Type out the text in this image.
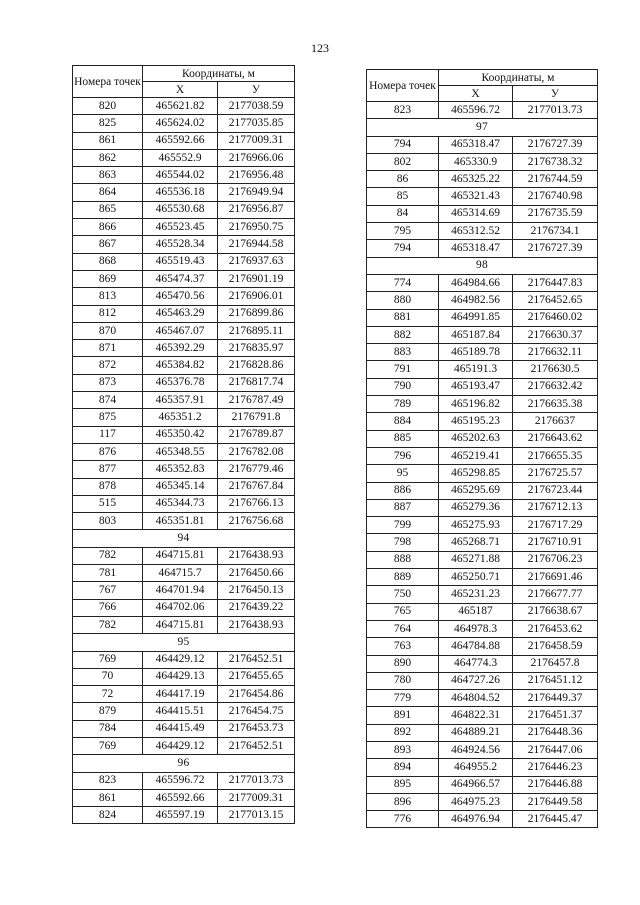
123
Номера точек	Координаты, м	
	X	У
820	465621.82	2177038.59
825	465624.02	2177035.85
861	465592.66	2177009.31
862	465552.9	2176966.06
863	465544.02	2176956.48
864	465536.18	2176949.94
865	465530.68	2176956.87
866	465523.45	2176950.75
867	465528.34	2176944.58
868	465519.43	2176937.63
869	465474.37	2176901.19
813	465470.56	2176906.01
812	465463.29	2176899.86
870	465467.07	2176895.11
871	465392.29	2176835.97
872	465384.82	2176828.86
873	465376.78	2176817.74
874	465357.91	2176787.49
875	465351.2	2176791.8
117	465350.42	2176789.87
876	465348.55	2176782.08
877	465352.83	2176779.46
878	465345.14	2176767.84
515	465344.73	2176766.13
803	465351.81	2176756.68
94		
782	464715.81	2176438.93
781	464715.7	2176450.66
767	464701.94	2176450.13
766	464702.06	2176439.22
782	464715.81	2176438.93
95		
769	464429.12	2176452.51
70	464429.13	2176455.65
72	464417.19	2176454.86
879	464415.51	2176454.75
784	464415.49	2176453.73
769	464429.12	2176452.51
96		
823	465596.72	2177013.73
861	465592.66	2177009.31
824	465597.19	2177013.15
Номера точек	Координаты, м	
	X	У
823	465596.72	2177013.73
97		
794	465318.47	2176727.39
802	465330.9	2176738.32
86	465325.22	2176744.59
85	465321.43	2176740.98
84	465314.69	2176735.59
795	465312.52	2176734.1
794	465318.47	2176727.39
98		
774	464984.66	2176447.83
880	464982.56	2176452.65
881	464991.85	2176460.02
882	465187.84	2176630.37
883	465189.78	2176632.11
791	465191.3	2176630.5
790	465193.47	2176632.42
789	465196.82	2176635.38
884	465195.23	2176637
885	465202.63	2176643.62
796	465219.41	2176655.35
95	465298.85	2176725.57
886	465295.69	2176723.44
887	465279.36	2176712.13
799	465275.93	2176717.29
798	465268.71	2176710.91
888	465271.88	2176706.23
889	465250.71	2176691.46
750	465231.23	2176677.77
765	465187	2176638.67
764	464978.3	2176453.62
763	464784.88	2176458.59
890	464774.3	2176457.8
780	464727.26	2176451.12
779	464804.52	2176449.37
891	464822.31	2176451.37
892	464889.21	2176448.36
893	464924.56	2176447.06
894	464955.2	2176446.23
895	464966.57	2176446.88
896	464975.23	2176449.58
776	464976.94	2176445.47
